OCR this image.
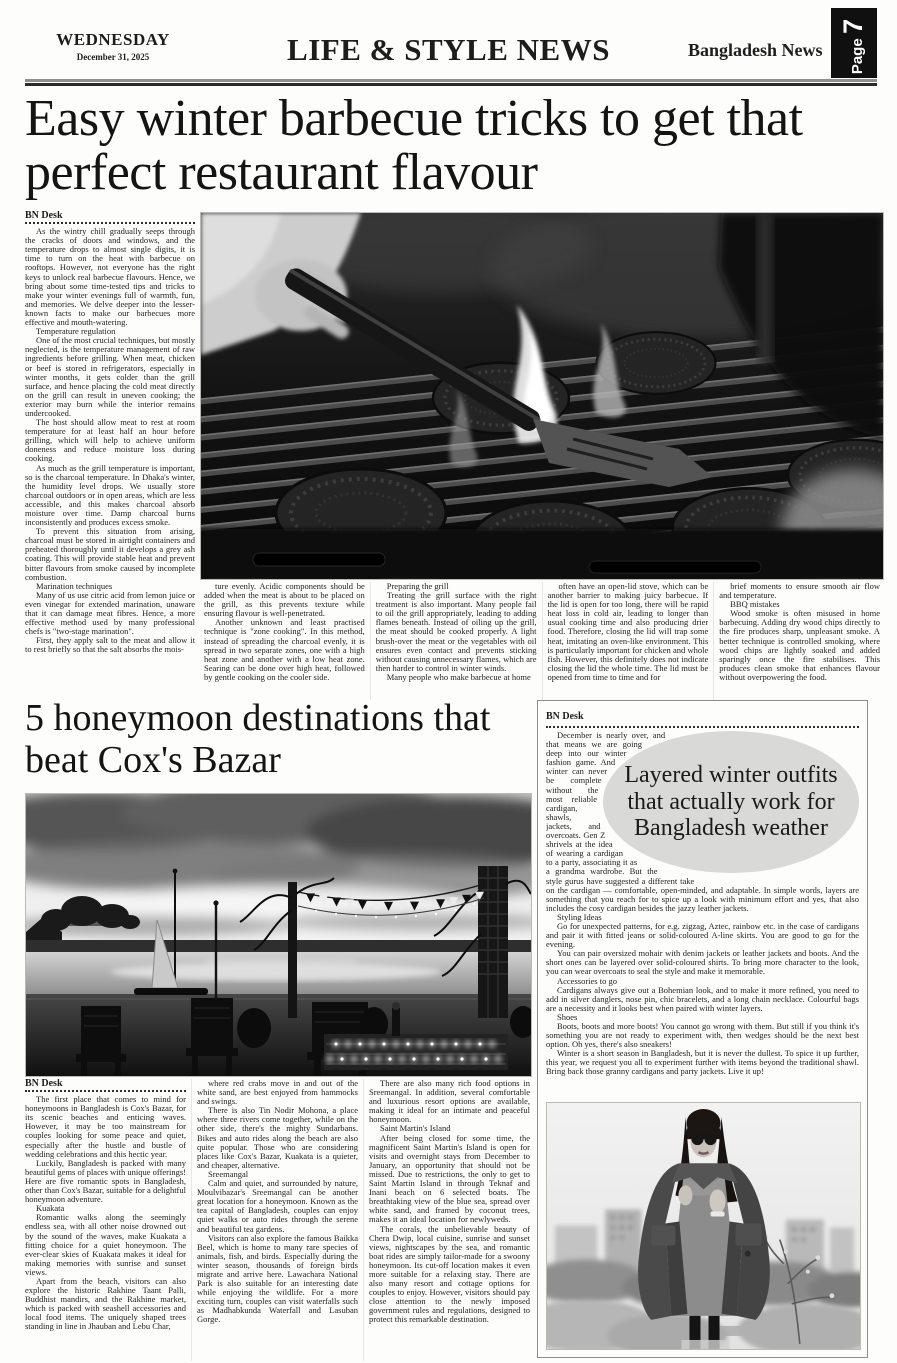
WEDNESDAY
December 31, 2025	LIFE & STYLE NEWS	Bangladesh News	Page 7
Easy winter barbecue tricks to get that perfect restaurant flavour
BN Desk

As the wintry chill gradually seeps through the cracks of doors and windows, and the temperature drops to almost single digits, it is time to turn on the heat with barbecue on rooftops. However, not everyone has the right keys to unlock real barbecue flavours. Hence, we bring about some time-tested tips and tricks to make your winter evenings full of warmth, fun, and memories. We delve deeper into the lesser-known facts to make our barbecues more effective and mouth-watering.

Temperature regulation

One of the most crucial techniques, but mostly neglected, is the temperature management of raw ingredients before grilling. When meat, chicken or beef is stored in refrigerators, especially in winter months, it gets colder than the grill surface, and hence placing the cold meat directly on the grill can result in uneven cooking; the exterior may burn while the interior remains undercooked.

The host should allow meat to rest at room temperature for at least half an hour before grilling, which will help to achieve uniform doneness and reduce moisture loss during cooking.

As much as the grill temperature is important, so is the charcoal temperature. In Dhaka's winter, the humidity level drops. We usually store charcoal outdoors or in open areas, which are less accessible, and this makes charcoal absorb moisture over time. Damp charcoal burns inconsistently and produces excess smoke.

To prevent this situation from arising, charcoal must be stored in airtight containers and preheated thoroughly until it develops a grey ash coating. This will provide stable heat and prevent bitter flavours from smoke caused by incomplete combustion.

Marination techniques

Many of us use citric acid from lemon juice or even vinegar for extended marination, unaware that it can damage meat fibres. Hence, a more effective method used by many professional chefs is "two-stage marination".

First, they apply salt to the meat and allow it to rest briefly so that the salt absorbs the mois-

ture evenly. Acidic components should be added when the meat is about to be placed on the grill, as this prevents texture while ensuring flavour is well-penetrated.

Another unknown and least practised technique is "zone cooking". In this method, instead of spreading the charcoal evenly, it is spread in two separate zones, one with a high heat zone and another with a low heat zone. Searing can be done over high heat, followed by gentle cooking on the cooler side.

Preparing the grill

Treating the grill surface with the right treatment is also important. Many people fail to oil the grill appropriately, leading to adding flames beneath. Instead of oiling up the grill, the meat should be cooked properly. A light brush-over the meat or the vegetables with oil ensures even contact and prevents sticking without causing unnecessary flames, which are then harder to control in winter winds.

Many people who make barbecue at home

often have an open-lid stove, which can be another barrier to making juicy barbecue. If the lid is open for too long, there will be rapid heat loss in cold air, leading to longer than usual cooking time and also producing drier food. Therefore, closing the lid will trap some heat, imitating an oven-like environment. This is particularly important for chicken and whole fish. However, this definitely does not indicate closing the lid the whole time. The lid must be opened from time to time and for

brief moments to ensure smooth air flow and temperature.

BBQ mistakes

Wood smoke is often misused in home barbecuing. Adding dry wood chips directly to the fire produces sharp, unpleasant smoke. A better technique is controlled smoking, where wood chips are lightly soaked and added sparingly once the fire stabilises. This produces clean smoke that enhances flavour without overpowering the food.

5 honeymoon destinations that beat Cox's Bazar
BN Desk

The first place that comes to mind for honeymoons in Bangladesh is Cox's Bazar, for its scenic beaches and enticing waves. However, it may be too mainstream for couples looking for some peace and quiet, especially after the hustle and bustle of wedding celebrations and this hectic year.

Luckily, Bangladesh is packed with many beautiful gems of places with unique offerings! Here are five romantic spots in Bangladesh, other than Cox's Bazar, suitable for a delightful honeymoon adventure.

Kuakata

Romantic walks along the seemingly endless sea, with all other noise drowned out by the sound of the waves, make Kuakata a fitting choice for a quiet honeymoon. The ever-clear skies of Kuakata makes it ideal for making memories with sunrise and sunset views.

Apart from the beach, visitors can also explore the historic Rakhine Taant Palli, Buddhist mandirs, and the Rakhine market, which is packed with seashell accessories and local food items. The uniquely shaped trees standing in line in Jhauban and Lebu Char,

where red crabs move in and out of the white sand, are best enjoyed from hammocks and swings.

There is also Tin Nodir Mohona, a place where three rivers come together, while on the other side, there's the mighty Sundarbans. Bikes and auto rides along the beach are also quite popular. Those who are considering places like Cox's Bazar, Kuakata is a quieter, and cheaper, alternative.

Sreemangal

Calm and quiet, and surrounded by nature, Moulvibazar's Sreemangal can be another great location for a honeymoon. Known as the tea capital of Bangladesh, couples can enjoy quiet walks or auto rides through the serene and beautiful tea gardens.

Visitors can also explore the famous Baikka Beel, which is home to many rare species of animals, fish, and birds. Especially during the winter season, thousands of foreign birds migrate and arrive here. Lawachara National Park is also suitable for an interesting date while enjoying the wildlife. For a more exciting turn, couples can visit waterfalls such as Madhabkunda Waterfall and Lasuban Gorge.

There are also many rich food options in Sreemangal. In addition, several comfortable and luxurious resort options are available, making it ideal for an intimate and peaceful honeymoon.

Saint Martin's Island

After being closed for some time, the magnificent Saint Martin's Island is open for visits and overnight stays from December to January, an opportunity that should not be missed. Due to restrictions, the only to get to Saint Martin Island in through Teknaf and Inani beach on 6 selected boats. The breathtaking view of the blue sea, spread over white sand, and framed by coconut trees, makes it an ideal location for newlyweds.

The corals, the unbelievable beauty of Chera Dwip, local cuisine, sunrise and sunset views, nightscapes by the sea, and romantic boat rides are simply tailor-made for a swoony honeymoon. Its cut-off location makes it even more suitable for a relaxing stay. There are also many resort and cottage options for couples to enjoy. However, visitors should pay close attention to the newly imposed government rules and regulations, designed to protect this remarkable destination.

BN Desk
Layered winter outfits that actually work for Bangladesh weather

December is nearly over, and that means we are going deep into our winter fashion game. And winter can never be complete without the most reliable cardigan, shawls, jackets, and overcoats. Gen Z shrivels at the idea of wearing a cardigan to a party, associating it as a grandma wardrobe. But the style gurus have suggested a different take on the cardigan — comfortable, open-minded, and adaptable. In simple words, layers are something that you reach for to spice up a look with minimum effort and yes, that also includes the cosy cardigan besides the jazzy leather jackets.

Styling Ideas

Go for unexpected patterns, for e.g. zigzag, Aztec, rainbow etc. in the case of cardigans and pair it with fitted jeans or solid-coloured A-line skirts. You are good to go for the evening.

You can pair oversized mohair with denim jackets or leather jackets and boots. And the short ones can be layered over solid-coloured shirts. To bring more character to the look, you can wear overcoats to seal the style and make it memorable.

Accessories to go

Cardigans always give out a Bohemian look, and to make it more refined, you need to add in silver danglers, nose pin, chic bracelets, and a long chain necklace. Colourful bags are a necessity and it looks best when paired with winter layers.

Shoes

Boots, boots and more boots! You cannot go wrong with them. But still if you think it's something you are not ready to experiment with, then wedges should be the next best option. Oh yes, there's also sneakers!

Winter is a short season in Bangladesh, but it is never the dullest. To spice it up further, this year, we request you all to experiment further with items beyond the traditional shawl. Bring back those granny cardigans and party jackets. Live it up!
